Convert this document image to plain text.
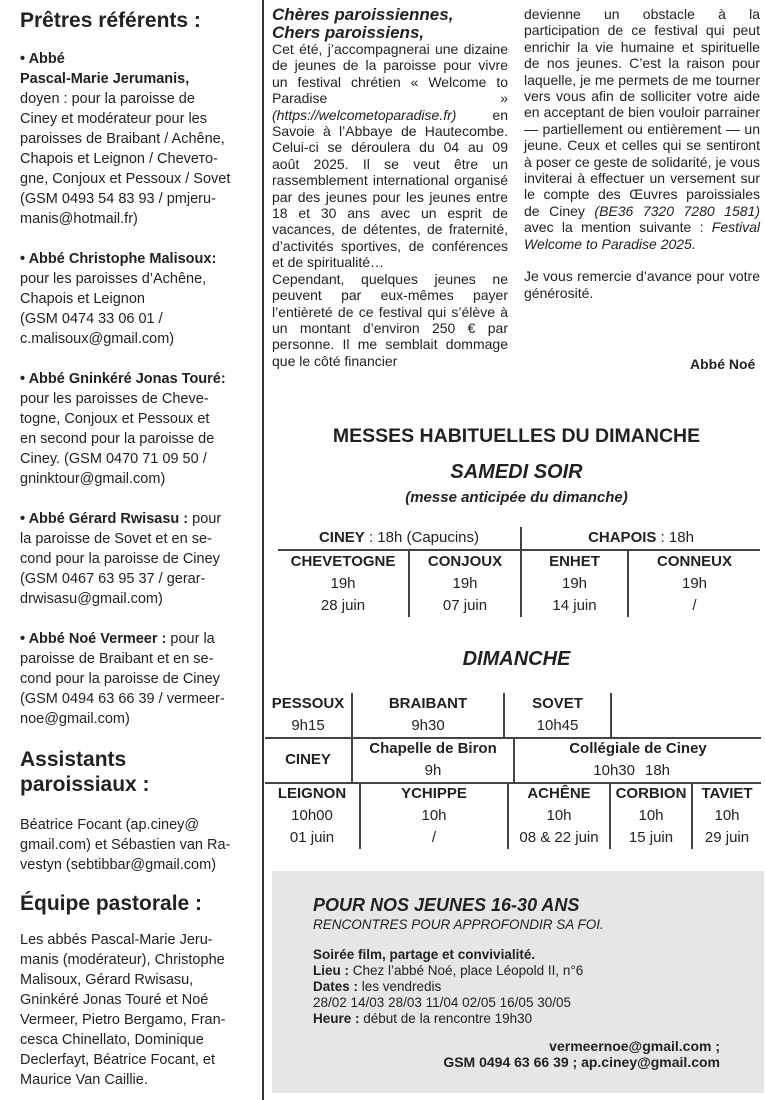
Prêtres référents :

• Abbé

Pascal-Marie Jerumanis,

doyen : pour la paroisse de

Ciney et modérateur pour les

paroisses de Braibant / Achêne,

Chapois et Leignon / Chevето-

gne, Conjoux et Pessoux / Sovet

(GSM 0493 54 83 93 / pmjeru-

manis@hotmail.fr)

• Abbé Christophe Malisoux:

pour les paroisses d’Achêne,

Chapois et Leignon

(GSM 0474 33 06 01 /

c.malisoux@gmail.com)

• Abbé Gninkéré Jonas Touré:

pour les paroisses de Cheve-

togne, Conjoux et Pessoux et

en second pour la paroisse de

Ciney. (GSM 0470 71 09 50 /

gninktour@gmail.com)

• Abbé Gérard Rwisasu : pour

la paroisse de Sovet et en se-

cond pour la paroisse de Ciney

(GSM 0467 63 95 37 / gerar-

drwisasu@gmail.com)

• Abbé Noé Vermeer : pour la

paroisse de Braibant et en se-

cond pour la paroisse de Ciney

(GSM 0494 63 66 39 / vermeer-

noe@gmail.com)

Assistants
paroissiaux :

Béatrice Focant (ap.ciney@

gmail.com) et Sébastien van Ra-

vestyn (sebtibbar@gmail.com)

Équipe pastorale :

Les abbés Pascal-Marie Jeru-

manis (modérateur), Christophe

Malisoux, Gérard Rwisasu,

Gninkéré Jonas Touré et Noé

Vermeer, Pietro Bergamo, Fran-

cesca Chinellato, Dominique

Declerfayt, Béatrice Focant, et

Maurice Van Caillie.

Chères paroissiennes,
Chers paroissiens,

Cet été, j’accompagnerai une dizaine de jeunes de la paroisse pour vivre un festival chrétien « Welcome to Paradise » (https://welcometoparadise.fr) en Savoie à l’Abbaye de Hautecombe. Celui-ci se déroulera du 04 au 09 août 2025. Il se veut être un rassemblement international organisé par des jeunes pour les jeunes entre 18 et 30 ans avec un esprit de vacances, de détentes, de fraternité, d’activités sportives, de conférences et de spiritualité…

Cependant, quelques jeunes ne peuvent par eux-mêmes payer l’entièreté de ce festival qui s’élève à un montant d’environ 250 € par personne. Il me semblait dommage que le côté financier

devienne un obstacle à la participation de ce festival qui peut enrichir la vie humaine et spirituelle de nos jeunes. C’est la raison pour laquelle, je me permets de me tourner vers vous afin de solliciter votre aide en acceptant de bien vouloir parrainer — partiellement ou entièrement — un jeune. Ceux et celles qui se sentiront à poser ce geste de solidarité, je vous inviterai à effectuer un versement sur le compte des Œuvres paroissiales de Ciney (BE36 7320 7280 1581) avec la mention suivante : Festival Welcome to Paradise 2025.

Je vous remercie d’avance pour votre générosité.

Abbé Noé
MESSES HABITUELLES DU DIMANCHE
SAMEDI SOIR
(messe anticipée du dimanche)
CINEY : 18h (Capucins)		CHAPOIS : 18h	
CHEVETOGNE	CONJOUX	ENHET	CONNEUX
19h	19h	19h	19h
28 juin	07 juin	14 juin	/
DIMANCHE
PESSOUX	BRAIBANT	SOVET	
9h15	9h30	10h45	
CINEY	Chapelle de Biron	Collégiale de Ciney	
	9h	10h30	18h
LEIGNON	YCHIPPE	ACHÊNE	CORBION	TAVIET
10h00	10h	10h	10h	10h
01 juin	/	08 & 22 juin	15 juin	29 juin
POUR NOS JEUNES 16-30 ANS
RENCONTRES POUR APPROFONDIR SA FOI.

Soirée film, partage et convivialité.

Lieu : Chez l’abbé Noé, place Léopold II, n°6

Dates : les vendredis

28/02 14/03 28/03 11/04 02/05 16/05 30/05

Heure : début de la rencontre 19h30

vermeernoe@gmail.com ;
GSM 0494 63 66 39 ; ap.ciney@gmail.com
